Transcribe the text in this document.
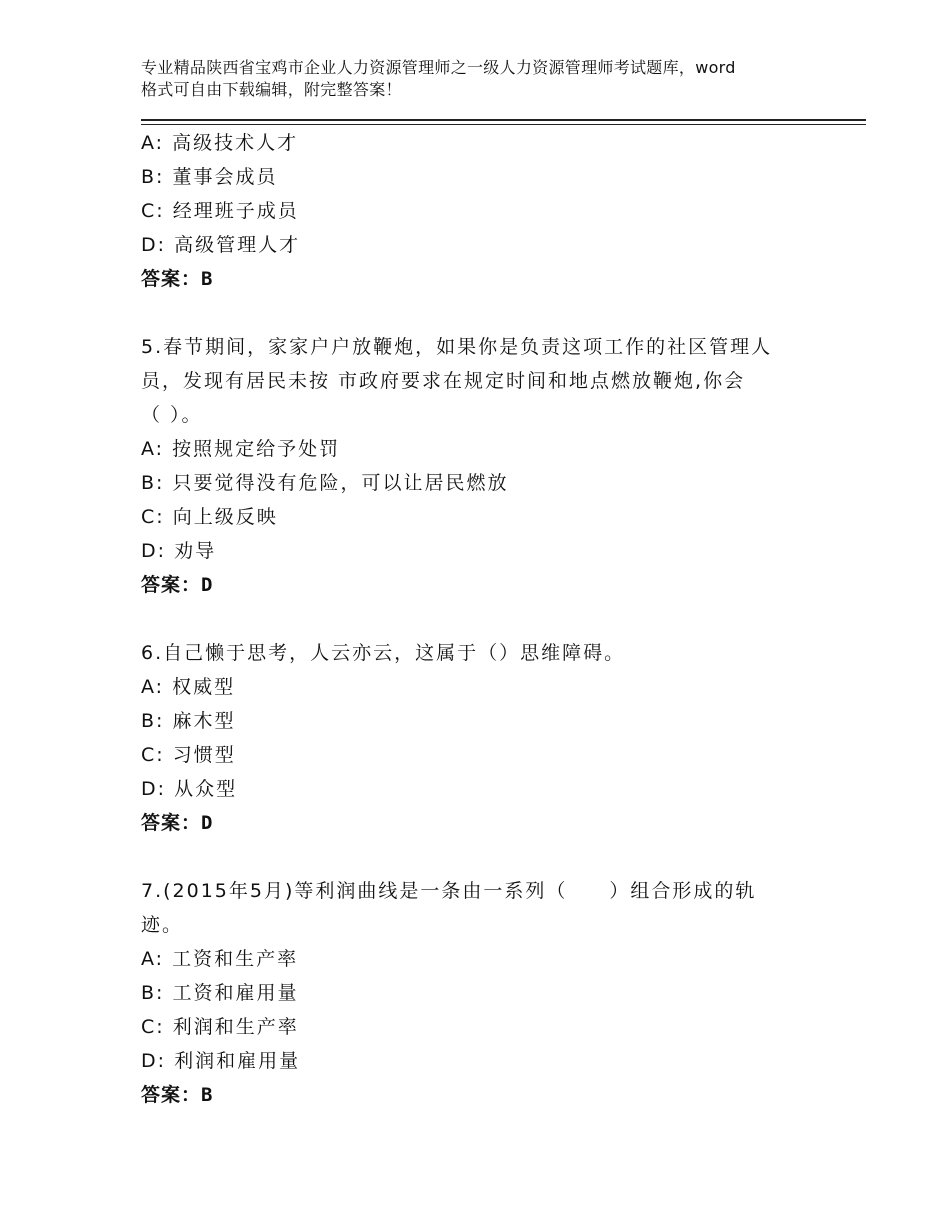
专业精品陕西省宝鸡市企业人力资源管理师之一级人力资源管理师考试题库，word
格式可自由下载编辑，附完整答案！
A: 高级技术人才
B: 董事会成员
C: 经理班子成员
D: 高级管理人才
答案：B
5.春节期间，家家户户放鞭炮，如果你是负责这项工作的社区管理人
员，发现有居民未按 市政府要求在规定时间和地点燃放鞭炮,你会
（ ）。
A: 按照规定给予处罚
B: 只要觉得没有危险，可以让居民燃放
C: 向上级反映
D: 劝导
答案：D
6.自己懒于思考，人云亦云，这属于（）思维障碍。
A: 权威型
B: 麻木型
C: 习惯型
D: 从众型
答案：D
7.(2015年5月)等利润曲线是一条由一系列（　　）组合形成的轨
迹。
A: 工资和生产率
B: 工资和雇用量
C: 利润和生产率
D: 利润和雇用量
答案：B
